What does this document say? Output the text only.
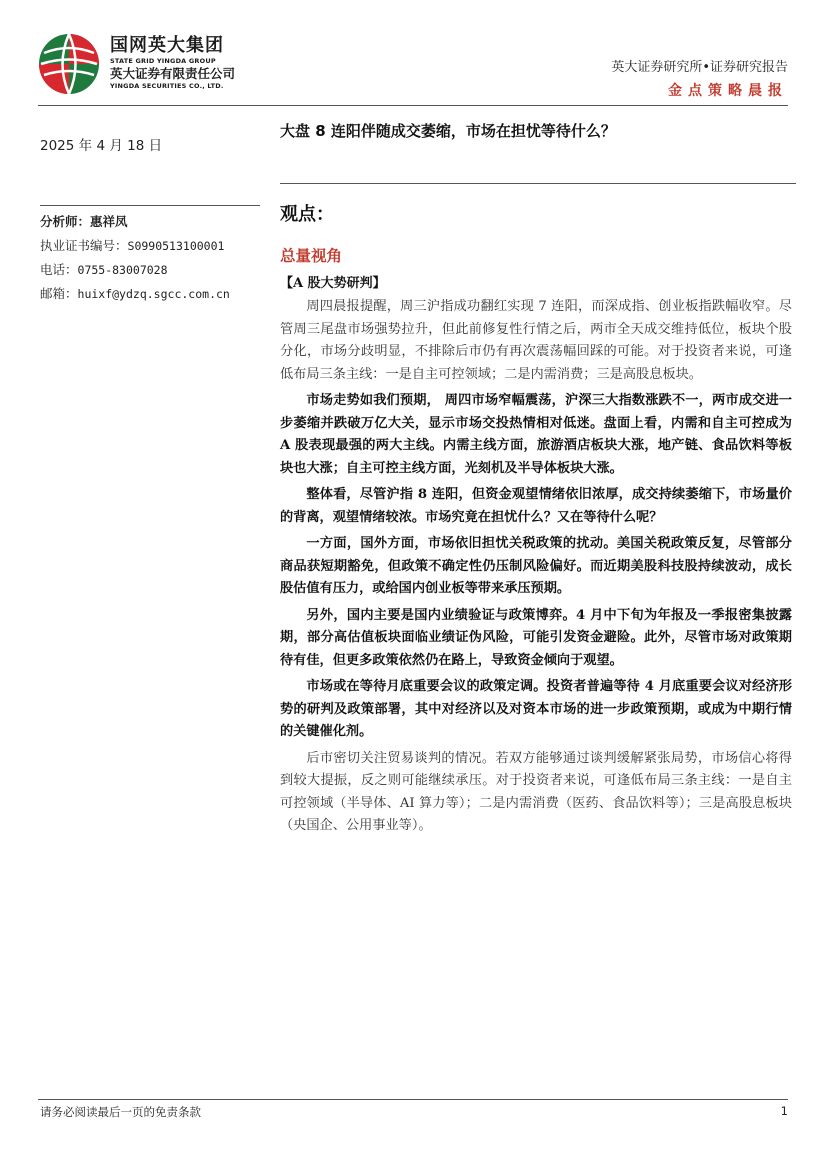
国网英大集团
STATE GRID YINGDA GROUP
英大证券有限责任公司
YINGDA SECURITIES CO., LTD.
英大证券研究所•证券研究报告
金点策略晨报
2025 年 4 月 18 日
分析师：惠祥凤
执业证书编号：S0990513100001
电话：0755-83007028
邮箱：huixf@ydzq.sgcc.com.cn
大盘 8 连阳伴随成交萎缩，市场在担忧等待什么？
观点：
总量视角
【A 股大势研判】

周四晨报提醒，周三沪指成功翻红实现 7 连阳，而深成指、创业板指跌幅收窄。尽管周三尾盘市场强势拉升，但此前修复性行情之后，两市全天成交维持低位，板块个股分化，市场分歧明显，不排除后市仍有再次震荡幅回踩的可能。对于投资者来说，可逢低布局三条主线：一是自主可控领域；二是内需消费；三是高股息板块。

市场走势如我们预期， 周四市场窄幅震荡，沪深三大指数涨跌不一，两市成交进一步萎缩并跌破万亿大关，显示市场交投热情相对低迷。盘面上看，内需和自主可控成为 A 股表现最强的两大主线。内需主线方面，旅游酒店板块大涨，地产链、食品饮料等板块也大涨；自主可控主线方面，光刻机及半导体板块大涨。

整体看，尽管沪指 8 连阳，但资金观望情绪依旧浓厚，成交持续萎缩下，市场量价的背离，观望情绪较浓。市场究竟在担忧什么？又在等待什么呢？

一方面，国外方面，市场依旧担忧关税政策的扰动。美国关税政策反复，尽管部分商品获短期豁免，但政策不确定性仍压制风险偏好。而近期美股科技股持续波动，成长股估值有压力，或给国内创业板等带来承压预期。

另外，国内主要是国内业绩验证与政策博弈。4 月中下旬为年报及一季报密集披露期，部分高估值板块面临业绩证伪风险，可能引发资金避险。此外，尽管市场对政策期待有佳，但更多政策依然仍在路上，导致资金倾向于观望。

市场或在等待月底重要会议的政策定调。投资者普遍等待 4 月底重要会议对经济形势的研判及政策部署，其中对经济以及对资本市场的进一步政策预期，或成为中期行情的关键催化剂。

后市密切关注贸易谈判的情况。若双方能够通过谈判缓解紧张局势，市场信心将得到较大提振，反之则可能继续承压。对于投资者来说，可逢低布局三条主线：一是自主可控领域（半导体、AI 算力等）；二是内需消费（医药、食品饮料等）；三是高股息板块（央国企、公用事业等）。

请务必阅读最后一页的免责条款	1
